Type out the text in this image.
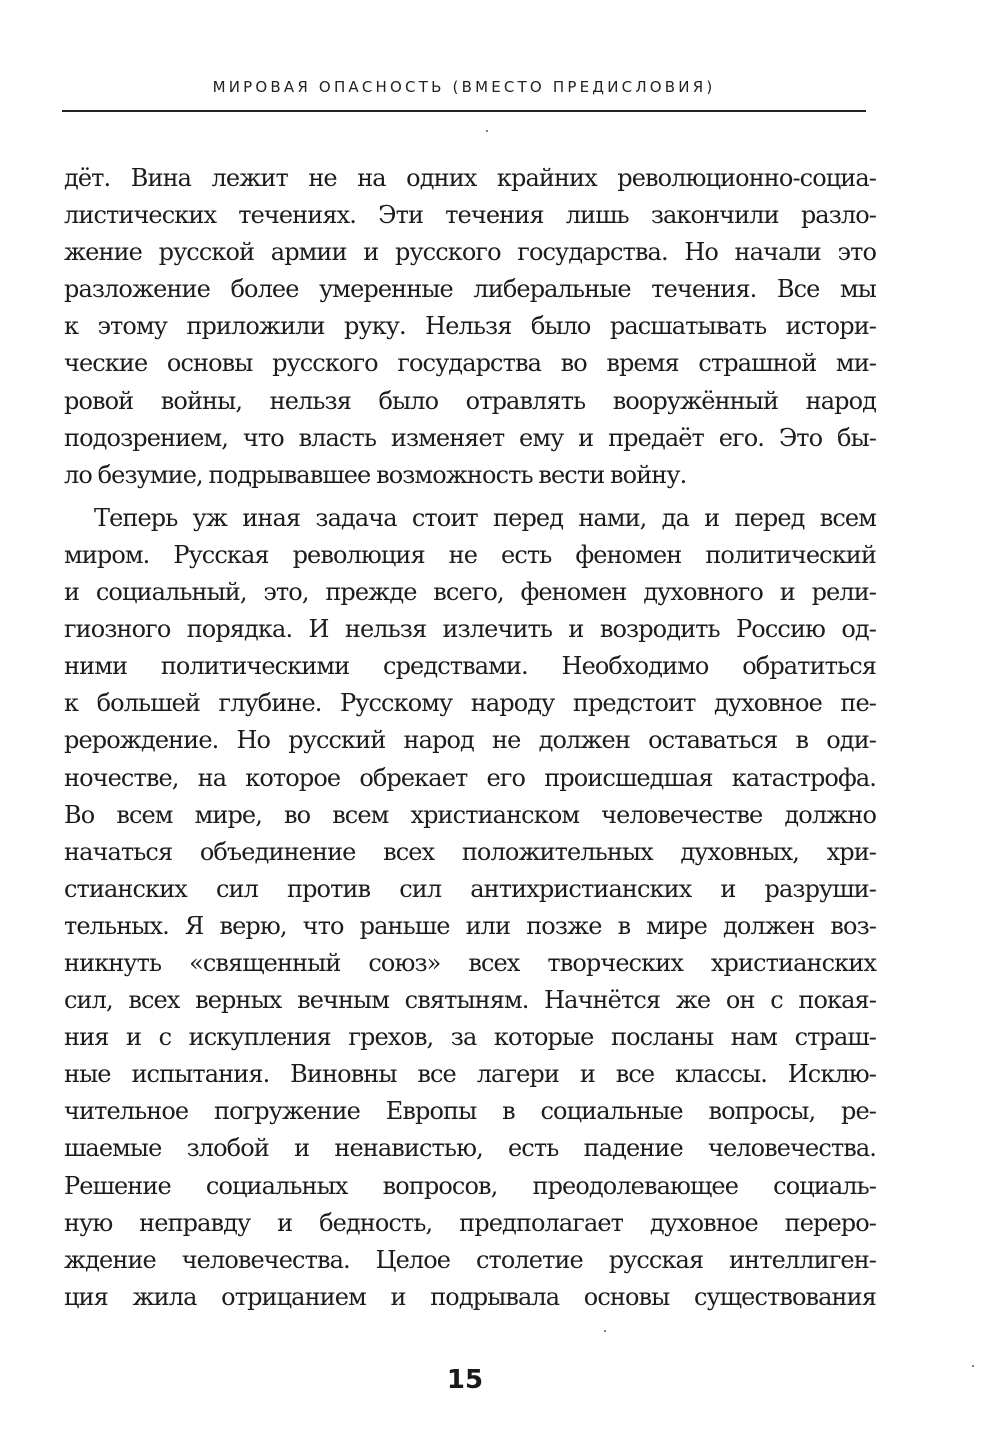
МИРОВАЯ ОПАСНОСТЬ (ВМЕСТО ПРЕДИСЛОВИЯ)
дёт. Вина лежит не на одних крайних революционно-социа-
листических течениях. Эти течения лишь закончили разло-
жение русской армии и русского государства. Но начали это
разложение более умеренные либеральные течения. Все мы
к этому приложили руку. Нельзя было расшатывать истори-
ческие основы русского государства во время страшной ми-
ровой войны, нельзя было отравлять вооружённый народ
подозрением, что власть изменяет ему и предаёт его. Это бы-
ло безумие, подрывавшее возможность вести войну.
Теперь уж иная задача стоит перед нами, да и перед всем
миром. Русская революция не есть феномен политический
и социальный, это, прежде всего, феномен духовного и рели-
гиозного порядка. И нельзя излечить и возродить Россию од-
ними политическими средствами. Необходимо обратиться
к большей глубине. Русскому народу предстоит духовное пе-
рерождение. Но русский народ не должен оставаться в оди-
ночестве, на которое обрекает его происшедшая катастрофа.
Во всем мире, во всем христианском человечестве должно
начаться объединение всех положительных духовных, хри-
стианских сил против сил антихристианских и разруши-
тельных. Я верю, что раньше или позже в мире должен воз-
никнуть «священный союз» всех творческих христианских
сил, всех верных вечным святыням. Начнётся же он с покая-
ния и с искупления грехов, за которые посланы нам страш-
ные испытания. Виновны все лагери и все классы. Исклю-
чительное погружение Европы в социальные вопросы, ре-
шаемые злобой и ненавистью, есть падение человечества.
Решение социальных вопросов, преодолевающее социаль-
ную неправду и бедность, предполагает духовное перерo-
ждение человечества. Целое столетие русская интеллиген-
ция жила отрицанием и подрывала основы существования
15
